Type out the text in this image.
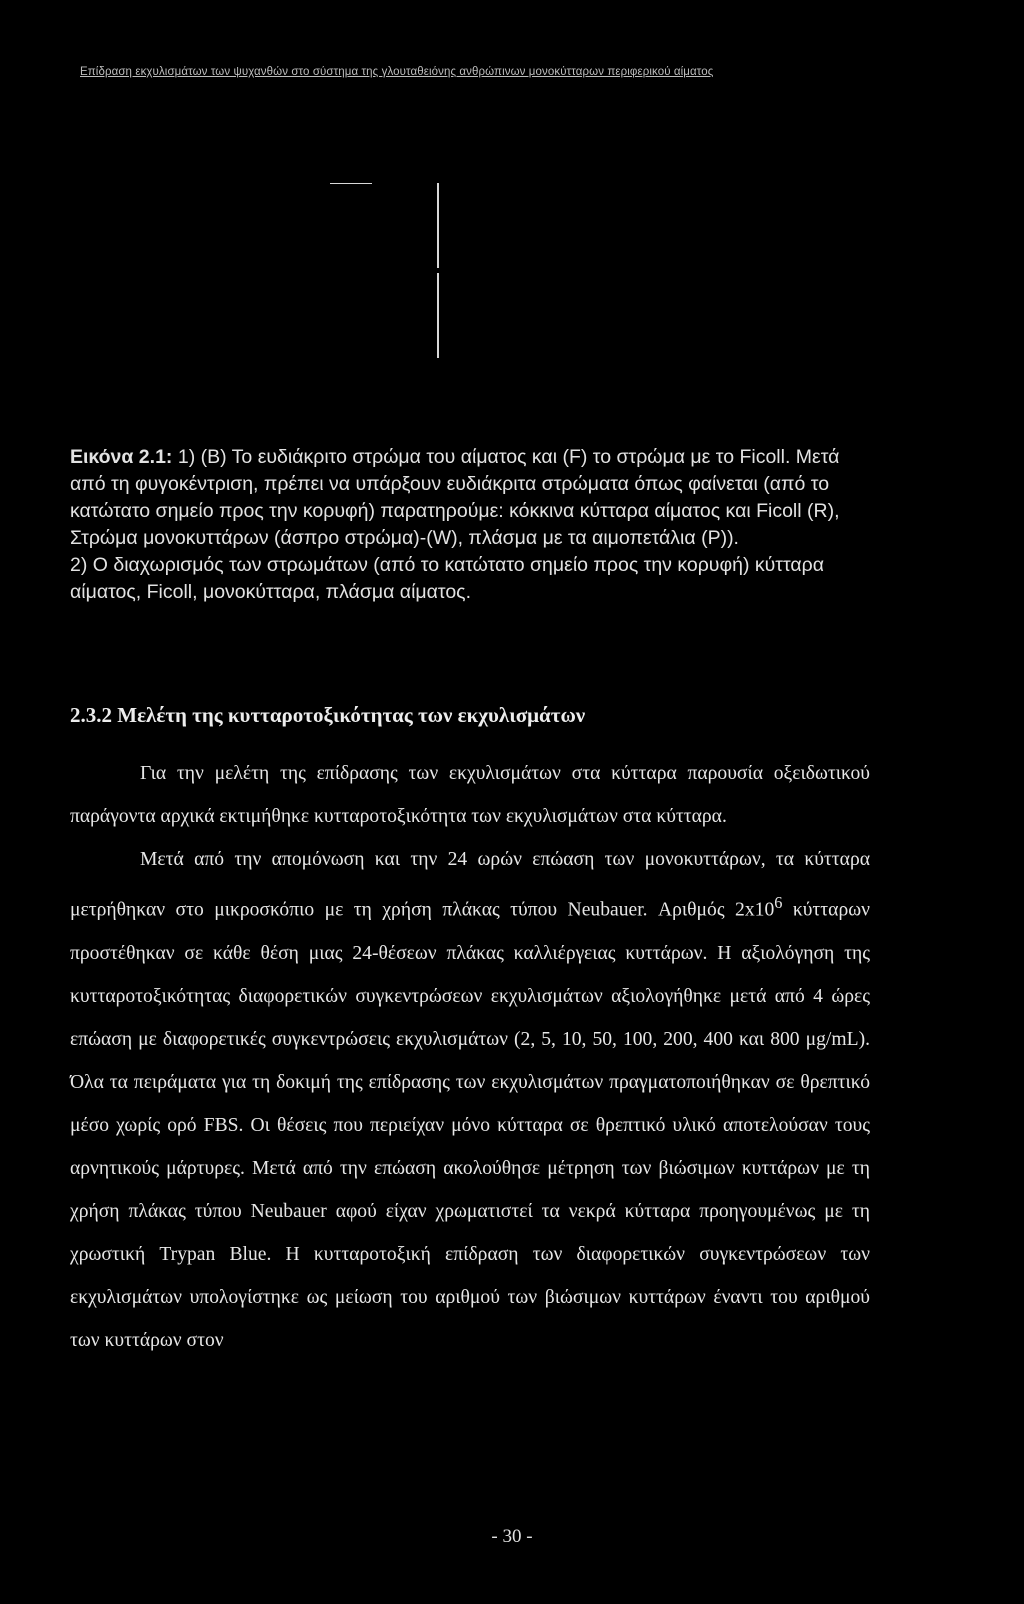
Επίδραση εκχυλισμάτων των ψυχανθών στο σύστημα της γλουταθειόνης ανθρώπινων μονοκύτταρων περιφερικού αίματος

Εικόνα 2.1: 1) (B) Το ευδιάκριτο στρώμα του αίματος και (F) το στρώμα με το Ficoll. Μετά από τη φυγοκέντριση, πρέπει να υπάρξουν ευδιάκριτα στρώματα όπως φαίνεται (από το κατώτατο σημείο προς την κορυφή) παρατηρούμε: κόκκινα κύτταρα αίματος και Ficoll (R), Στρώμα μονοκυττάρων (άσπρο στρώμα)-(W), πλάσμα με τα αιμοπετάλια (P)).

2) Ο διαχωρισμός των στρωμάτων (από το κατώτατο σημείο προς την κορυφή) κύτταρα αίματος, Ficoll, μονοκύτταρα, πλάσμα αίματος.

2.3.2 Μελέτη της κυτταροτοξικότητας των εκχυλισμάτων

Για την μελέτη της επίδρασης των εκχυλισμάτων στα κύτταρα παρουσία οξειδωτικού παράγοντα αρχικά εκτιμήθηκε κυτταροτοξικότητα των εκχυλισμάτων στα κύτταρα.

Μετά από την απομόνωση και την 24 ωρών επώαση των μονοκυττάρων, τα κύτταρα μετρήθηκαν στο μικροσκόπιο με τη χρήση πλάκας τύπου Neubauer. Αριθμός $2x10^6$ κύτταρων προστέθηκαν σε κάθε θέση μιας 24-θέσεων πλάκας καλλιέργειας κυττάρων. Η αξιολόγηση της κυτταροτοξικότητας διαφορετικών συγκεντρώσεων εκχυλισμάτων αξιολογήθηκε μετά από 4 ώρες επώαση με διαφορετικές συγκεντρώσεις εκχυλισμάτων (2, 5, 10, 50, 100, 200, 400 και 800 μg/mL). Όλα τα πειράματα για τη δοκιμή της επίδρασης των εκχυλισμάτων πραγματοποιήθηκαν σε θρεπτικό μέσο χωρίς ορό FBS. Οι θέσεις που περιείχαν μόνο κύτταρα σε θρεπτικό υλικό αποτελούσαν τους αρνητικούς μάρτυρες. Μετά από την επώαση ακολούθησε μέτρηση των βιώσιμων κυττάρων με τη χρήση πλάκας τύπου Neubauer αφού είχαν χρωματιστεί τα νεκρά κύτταρα προηγουμένως με τη χρωστική Trypan Blue. Η κυτταροτοξική επίδραση των διαφορετικών συγκεντρώσεων των εκχυλισμάτων υπολογίστηκε ως μείωση του αριθμού των βιώσιμων κυττάρων έναντι του αριθμού των κυττάρων στον

- 30 -
